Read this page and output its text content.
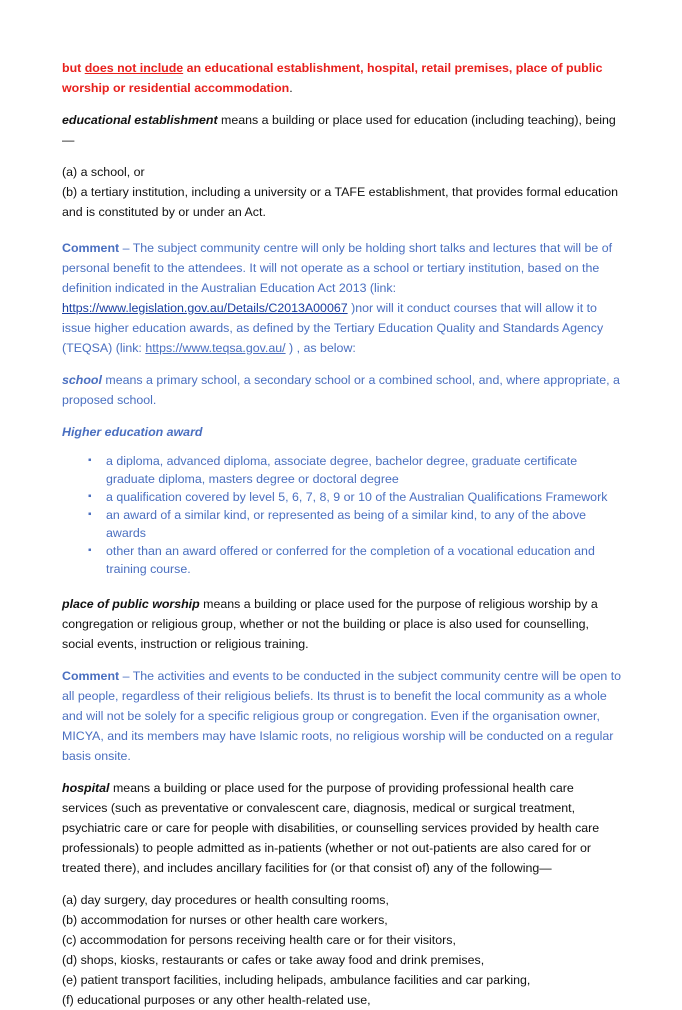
but does not include an educational establishment, hospital, retail premises, place of public worship or residential accommodation.

educational establishment means a building or place used for education (including teaching), being—

(a) a school, or

(b) a tertiary institution, including a university or a TAFE establishment, that provides formal education and is constituted by or under an Act.

Comment – The subject community centre will only be holding short talks and lectures that will be of personal benefit to the attendees. It will not operate as a school or tertiary institution, based on the definition indicated in the Australian Education Act 2013 (link: https://www.legislation.gov.au/Details/C2013A00067 )nor will it conduct courses that will allow it to issue higher education awards, as defined by the Tertiary Education Quality and Standards Agency (TEQSA) (link: https://www.teqsa.gov.au/ ) , as below:

school means a primary school, a secondary school or a combined school, and, where appropriate, a proposed school.

Higher education award

▪ a diploma, advanced diploma, associate degree, bachelor degree, graduate certificate graduate diploma, masters degree or doctoral degree
▪ a qualification covered by level 5, 6, 7, 8, 9 or 10 of the Australian Qualifications Framework
▪ an award of a similar kind, or represented as being of a similar kind, to any of the above awards
▪ other than an award offered or conferred for the completion of a vocational education and training course.

place of public worship means a building or place used for the purpose of religious worship by a congregation or religious group, whether or not the building or place is also used for counselling, social events, instruction or religious training.

Comment – The activities and events to be conducted in the subject community centre will be open to all people, regardless of their religious beliefs. Its thrust is to benefit the local community as a whole and will not be solely for a specific religious group or congregation. Even if the organisation owner, MICYA, and its members may have Islamic roots, no religious worship will be conducted on a regular basis onsite.

hospital means a building or place used for the purpose of providing professional health care services (such as preventative or convalescent care, diagnosis, medical or surgical treatment, psychiatric care or care for people with disabilities, or counselling services provided by health care professionals) to people admitted as in-patients (whether or not out-patients are also cared for or treated there), and includes ancillary facilities for (or that consist of) any of the following—

(a) day surgery, day procedures or health consulting rooms,

(b) accommodation for nurses or other health care workers,

(c) accommodation for persons receiving health care or for their visitors,

(d) shops, kiosks, restaurants or cafes or take away food and drink premises,

(e) patient transport facilities, including helipads, ambulance facilities and car parking,

(f) educational purposes or any other health-related use,
